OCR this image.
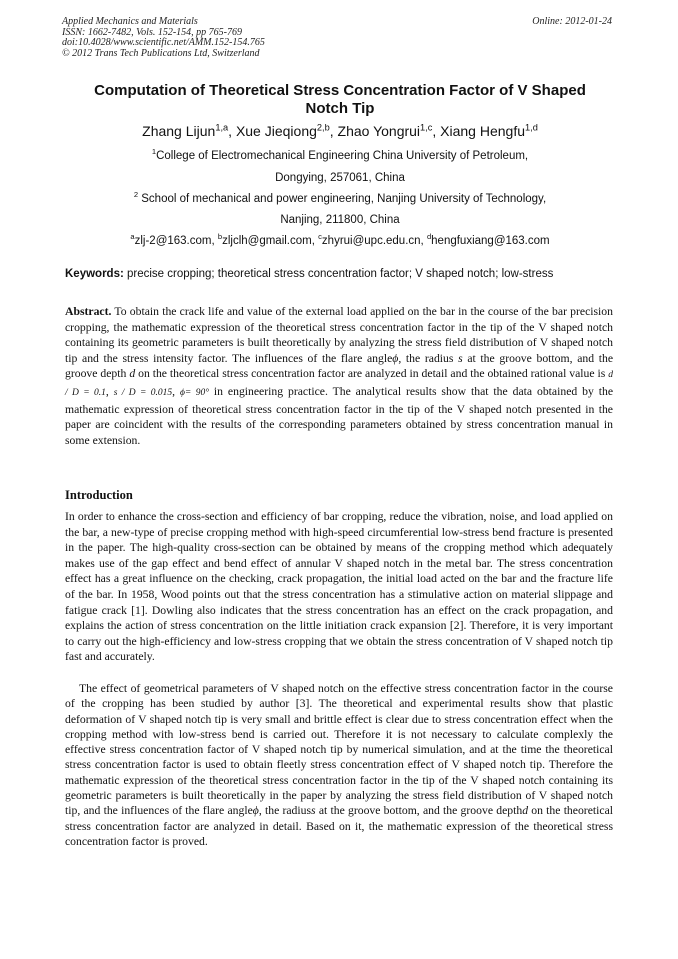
Applied Mechanics and Materials
ISSN: 1662-7482, Vols. 152-154, pp 765-769
doi:10.4028/www.scientific.net/AMM.152-154.765
© 2012 Trans Tech Publications Ltd, Switzerland
Online: 2012-01-24
Computation of Theoretical Stress Concentration Factor of V Shaped
Notch Tip
Zhang Lijun$^{1,a}$, Xue Jieqiong$^{2,b}$, Zhao Yongrui$^{1,c}$, Xiang Hengfu$^{1,d}$
$^1$College of Electromechanical Engineering China University of Petroleum,
Dongying, 257061, China
$^2$ School of mechanical and power engineering, Nanjing University of Technology,
Nanjing, 211800, China
$^a$zlj-2@163.com, $^b$zljclh@gmail.com, $^c$zhyrui@upc.edu.cn, $^d$hengfuxiang@163.com
Keywords: precise cropping; theoretical stress concentration factor; V shaped notch; low-stress
Abstract. To obtain the crack life and value of the external load applied on the bar in the course of the bar precision cropping, the mathematic expression of the theoretical stress concentration factor in the tip of the V shaped notch containing its geometric parameters is built theoretically by analyzing the stress field distribution of V shaped notch tip and the stress intensity factor. The influences of the flare angleϕ, the radius s at the groove bottom, and the groove depth d on the theoretical stress concentration factor are analyzed in detail and the obtained rational value is d / D = 0.1, s / D = 0.015, ϕ= 90° in engineering practice. The analytical results show that the data obtained by the mathematic expression of theoretical stress concentration factor in the tip of the V shaped notch presented in the paper are coincident with the results of the corresponding parameters obtained by stress concentration manual in some extension.
Introduction
In order to enhance the cross-section and efficiency of bar cropping, reduce the vibration, noise, and load applied on the bar, a new-type of precise cropping method with high-speed circumferential low-stress bend fracture is presented in the paper. The high-quality cross-section can be obtained by means of the cropping method which adequately makes use of the gap effect and bend effect of annular V shaped notch in the metal bar. The stress concentration effect has a great influence on the checking, crack propagation, the initial load acted on the bar and the fracture life of the bar. In 1958, Wood points out that the stress concentration has a stimulative action on material slippage and fatigue crack [1]. Dowling also indicates that the stress concentration has an effect on the crack propagation, and explains the action of stress concentration on the little initiation crack expansion [2]. Therefore, it is very important to carry out the high-efficiency and low-stress cropping that we obtain the stress concentration of V shaped notch tip fast and accurately.
The effect of geometrical parameters of V shaped notch on the effective stress concentration factor in the course of the cropping has been studied by author [3]. The theoretical and experimental results show that plastic deformation of V shaped notch tip is very small and brittle effect is clear due to stress concentration effect when the cropping method with low-stress bend is carried out. Therefore it is not necessary to calculate complexly the effective stress concentration factor of V shaped notch tip by numerical simulation, and at the time the theoretical stress concentration factor is used to obtain fleetly stress concentration effect of V shaped notch tip. Therefore the mathematic expression of the theoretical stress concentration factor in the tip of the V shaped notch containing its geometric parameters is built theoretically in the paper by analyzing the stress field distribution of V shaped notch tip, and the influences of the flare angleϕ, the radiuss at the groove bottom, and the groove depthd on the theoretical stress concentration factor are analyzed in detail. Based on it, the mathematic expression of the theoretical stress concentration factor is proved.
